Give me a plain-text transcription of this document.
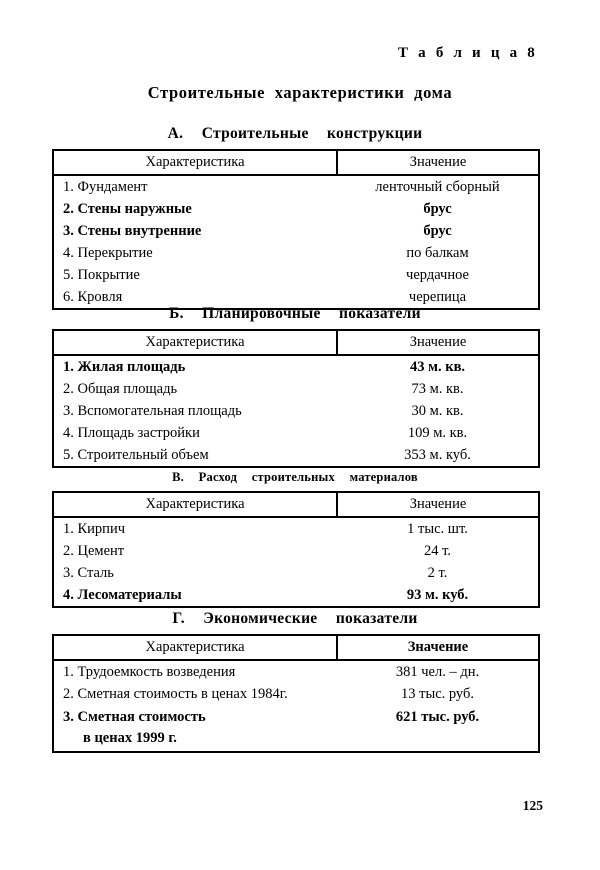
Т а б л и ц а 8
Строительные характеристики дома
А.  Строительные  конструкции
Характеристика	Значение
1. Фундамент	ленточный сборный
2. Стены наружные	брус
3. Стены внутренние	брус
4. Перекрытие	по балкам
5. Покрытие	чердачное
6. Кровля	черепица
Б.  Планировочные  показатели
Характеристика	Значение
1. Жилая площадь	43 м. кв.
2. Общая площадь	73 м. кв.
3. Вспомогательная площадь	30 м. кв.
4. Площадь застройки	109 м. кв.
5. Строительный объем	353 м. куб.
В.  Расход  строительных  материалов
Характеристика	Значение
1. Кирпич	1 тыс. шт.
2. Цемент	24 т.
3. Сталь	2 т.
4. Лесоматериалы	93 м. куб.
Г.  Экономические  показатели
Характеристика	Значение
1. Трудоемкость возведения	381 чел. – дн.
2. Сметная стоимость в ценах 1984г.	13 тыс. руб.
3. Сметная стоимость
в ценах 1999 г.	621 тыс. руб.
125
